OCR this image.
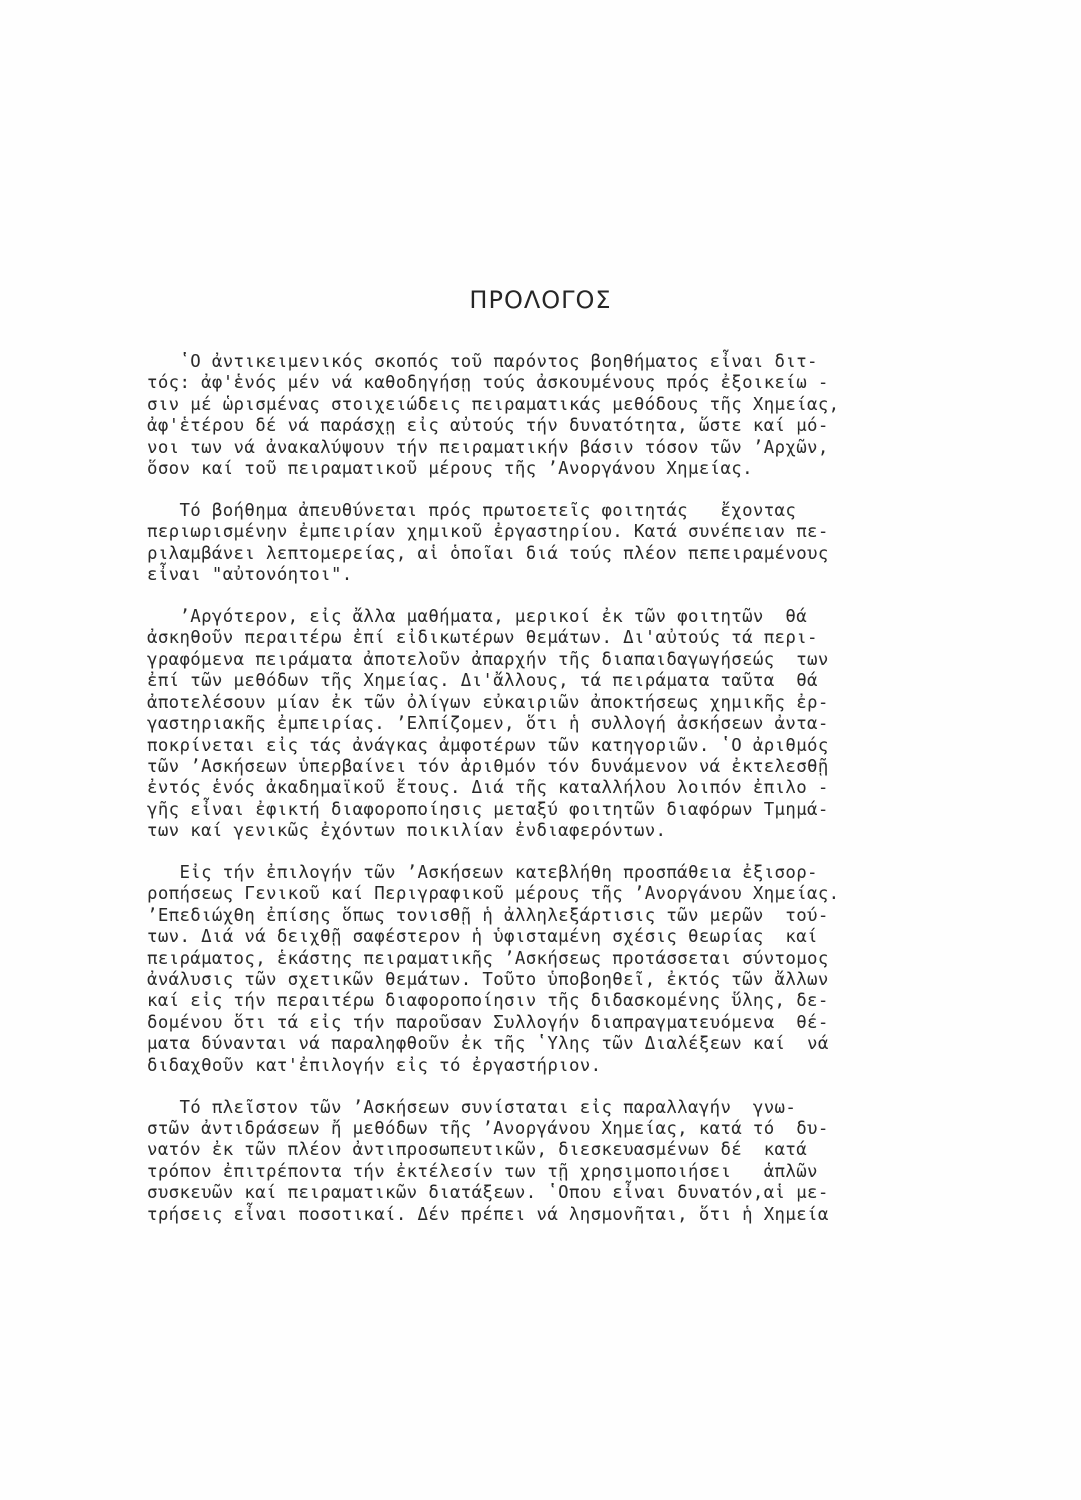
ΠΡΟΛΟΓΟΣ
ʽΟ ἀντικειμενικός σκοπός τοῦ παρόντος βοηθήματος εἶναι διτ-
τός: ἀφ'ἑνός μέν νά καθοδηγήσῃ τούς ἀσκουμένους πρός ἐξοικείω -
σιν μέ ὡρισμένας στοιχειώδεις πειραματικάς μεθόδους τῆς Χημείας,
ἀφ'ἑτέρου δέ νά παράσχῃ εἰς αὐτούς τήν δυνατότητα, ὥστε καί μό-
νοι των νά ἀνακαλύψουν τήν πειραματικήν βάσιν τόσον τῶν ʼΑρχῶν,
ὅσον καί τοῦ πειραματικοῦ μέρους τῆς ʼΑνοργάνου Χημείας.
Τό βοήθημα ἀπευθύνεται πρός πρωτοετεῖς φοιτητάς   ἔχοντας
περιωρισμένην ἐμπειρίαν χημικοῦ ἐργαστηρίου. Κατά συνέπειαν πε-
ριλαμβάνει λεπτομερείας, αἱ ὁποῖαι διά τούς πλέον πεπειραμένους
εἶναι "αὐτονόητοι".
ʼΑργότερον, εἰς ἄλλα μαθήματα, μερικοί ἐκ τῶν φοιτητῶν  θά
ἀσκηθοῦν περαιτέρω ἐπί εἰδικωτέρων θεμάτων. Δι'αὐτούς τά περι-
γραφόμενα πειράματα ἀποτελοῦν ἀπαρχήν τῆς διαπαιδαγωγήσεώς  των
ἐπί τῶν μεθόδων τῆς Χημείας. Δι'ἄλλους, τά πειράματα ταῦτα  θά
ἀποτελέσουν μίαν ἐκ τῶν ὀλίγων εὐκαιριῶν ἀποκτήσεως χημικῆς ἐρ-
γαστηριακῆς ἐμπειρίας. ʼΕλπίζομεν, ὅτι ἡ συλλογή ἀσκήσεων ἀντα-
ποκρίνεται εἰς τάς ἀνάγκας ἀμφοτέρων τῶν κατηγοριῶν. ʽΟ ἀριθμός
τῶν ʼΑσκήσεων ὑπερβαίνει τόν ἀριθμόν τόν δυνάμενον νά ἐκτελεσθῇ
ἐντός ἑνός ἀκαδημαϊκοῦ ἔτους. Διά τῆς καταλλήλου λοιπόν ἐπιλο -
γῆς εἶναι ἐφικτή διαφοροποίησις μεταξύ φοιτητῶν διαφόρων Τμημά-
των καί γενικῶς ἐχόντων ποικιλίαν ἐνδιαφερόντων.
Εἰς τήν ἐπιλογήν τῶν ʼΑσκήσεων κατεβλήθη προσπάθεια ἐξισορ-
ροπήσεως Γενικοῦ καί Περιγραφικοῦ μέρους τῆς ʼΑνοργάνου Χημείας.
ʼΕπεδιώχθη ἐπίσης ὅπως τονισθῇ ἡ ἀλληλεξάρτισις τῶν μερῶν  τού-
των. Διά νά δειχθῇ σαφέστερον ἡ ὑφισταμένη σχέσις θεωρίας  καί
πειράματος, ἑκάστης πειραματικῆς ʼΑσκήσεως προτάσσεται σύντομος
ἀνάλυσις τῶν σχετικῶν θεμάτων. Τοῦτο ὑποβοηθεῖ, ἐκτός τῶν ἄλλων
καί εἰς τήν περαιτέρω διαφοροποίησιν τῆς διδασκομένης ὕλης, δε-
δομένου ὅτι τά εἰς τήν παροῦσαν Συλλογήν διαπραγματευόμενα  θέ-
ματα δύνανται νά παραληφθοῦν ἐκ τῆς ʽΥλης τῶν Διαλέξεων καί  νά
διδαχθοῦν κατ'ἐπιλογήν εἰς τό ἐργαστήριον.
Τό πλεῖστον τῶν ʼΑσκήσεων συνίσταται εἰς παραλλαγήν  γνω-
στῶν ἀντιδράσεων ἤ μεθόδων τῆς ʼΑνοργάνου Χημείας, κατά τό  δυ-
νατόν ἐκ τῶν πλέον ἀντιπροσωπευτικῶν, διεσκευασμένων δέ  κατά
τρόπον ἐπιτρέποντα τήν ἐκτέλεσίν των τῇ χρησιμοποιήσει   ἁπλῶν
συσκευῶν καί πειραματικῶν διατάξεων. ʽΟπου εἶναι δυνατόν,αἱ με-
τρήσεις εἶναι ποσοτικαί. Δέν πρέπει νά λησμονῆται, ὅτι ἡ Χημεία
